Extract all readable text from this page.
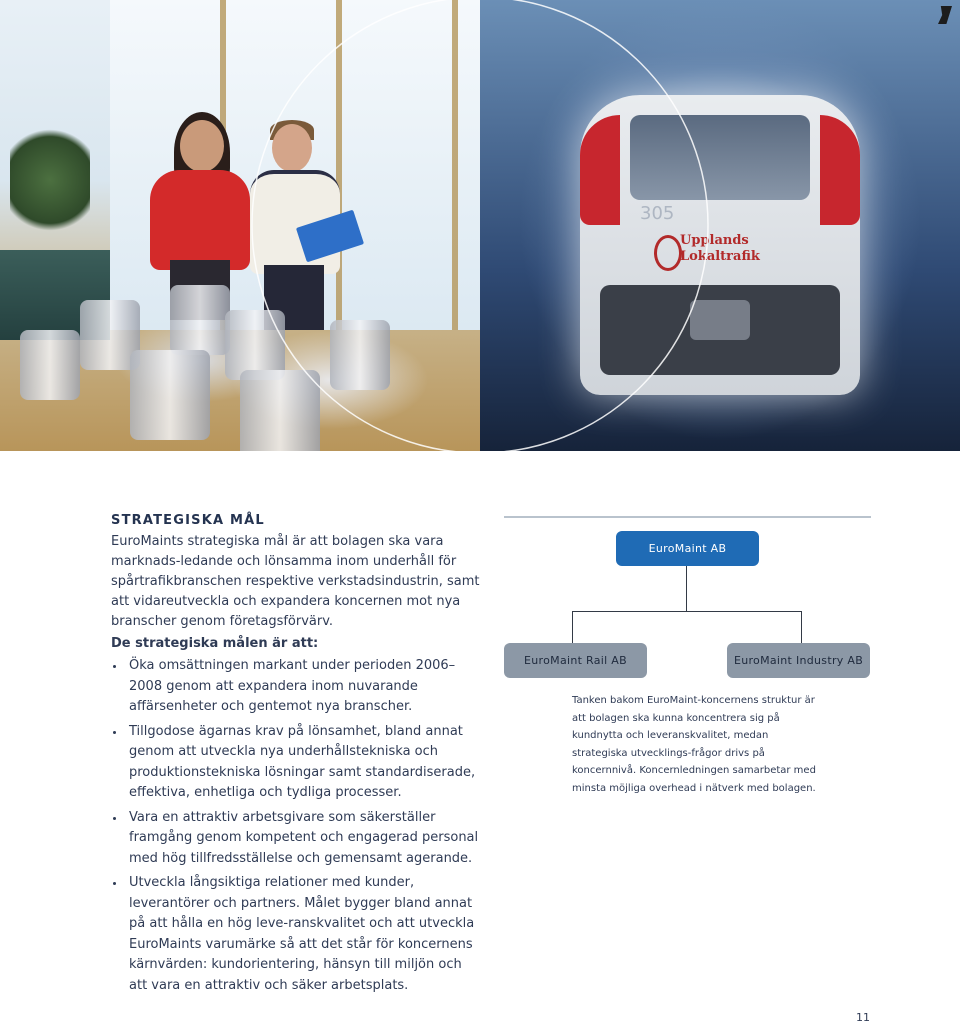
305
Upplands
Lokaltrafik
STRATEGISKA MÅL
EuroMaints strategiska mål är att bolagen ska vara marknads-ledande och lönsamma inom underhåll för spårtrafikbranschen respektive verkstadsindustrin, samt att vidareutveckla och expandera koncernen mot nya branscher genom företagsförvärv.
De strategiska målen är att:
Öka omsättningen markant under perioden 2006–2008 genom att expandera inom nuvarande affärsenheter och gentemot nya branscher.
Tillgodose ägarnas krav på lönsamhet, bland annat genom att utveckla nya underhållstekniska och produktionstekniska lösningar samt standardiserade, effektiva, enhetliga och tydliga processer.
Vara en attraktiv arbetsgivare som säkerställer framgång genom kompetent och engagerad personal med hög tillfredsställelse och gemensamt agerande.
Utveckla långsiktiga relationer med kunder, leverantörer och partners. Målet bygger bland annat på att hålla en hög leve-ranskvalitet och att utveckla EuroMaints varumärke så att det står för koncernens kärnvärden: kundorientering, hänsyn till miljön och att vara en attraktiv och säker arbetsplats.
EuroMaint AB
EuroMaint Rail AB	EuroMaint Industry AB
Tanken bakom EuroMaint-koncernens struktur är att bolagen ska kunna koncentrera sig på kundnytta och leveranskvalitet, medan strategiska utvecklings-frågor drivs på koncernnivå. Koncernledningen samarbetar med minsta möjliga overhead i nätverk med bolagen.
11
